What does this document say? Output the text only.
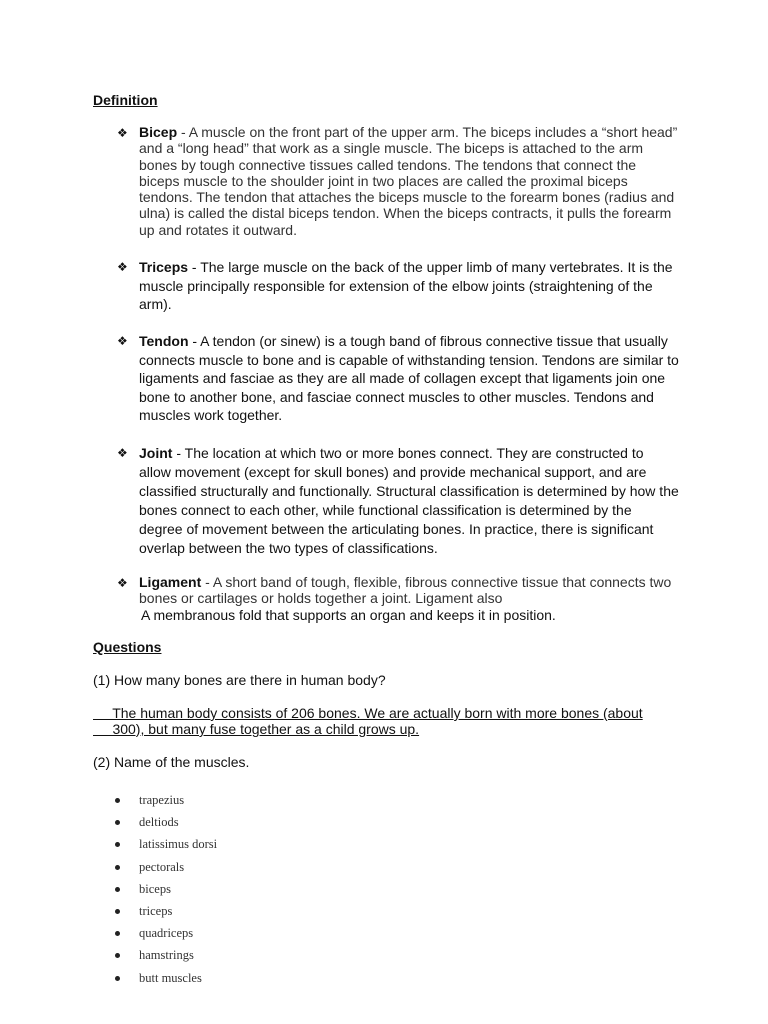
Definition
❖ Bicep - A muscle on the front part of the upper arm. The biceps includes a “short head” and a “long head” that work as a single muscle. The biceps is attached to the arm bones by tough connective tissues called tendons. The tendons that connect the biceps muscle to the shoulder joint in two places are called the proximal biceps tendons. The tendon that attaches the biceps muscle to the forearm bones (radius and ulna) is called the distal biceps tendon. When the biceps contracts, it pulls the forearm up and rotates it outward.
❖ Triceps - The large muscle on the back of the upper limb of many vertebrates. It is the muscle principally responsible for extension of the elbow joints (straightening of the arm).
❖ Tendon - A tendon (or sinew) is a tough band of fibrous connective tissue that usually connects muscle to bone and is capable of withstanding tension. Tendons are similar to ligaments and fasciae as they are all made of collagen except that ligaments join one bone to another bone, and fasciae connect muscles to other muscles. Tendons and muscles work together.
❖ Joint - The location at which two or more bones connect. They are constructed to allow movement (except for skull bones) and provide mechanical support, and are classified structurally and functionally. Structural classification is determined by how the bones connect to each other, while functional classification is determined by the degree of movement between the articulating bones. In practice, there is significant overlap between the two types of classifications.
❖ Ligament - A short band of tough, flexible, fibrous connective tissue that connects two bones or cartilages or holds together a joint. Ligament also
A membranous fold that supports an organ and keeps it in position.
Questions
(1) How many bones are there in human body?
The human body consists of 206 bones. We are actually born with more bones (about
300), but many fuse together as a child grows up.
(2) Name of the muscles.
trapezius
deltiods
latissimus dorsi
pectorals
biceps
triceps
quadriceps
hamstrings
butt muscles
